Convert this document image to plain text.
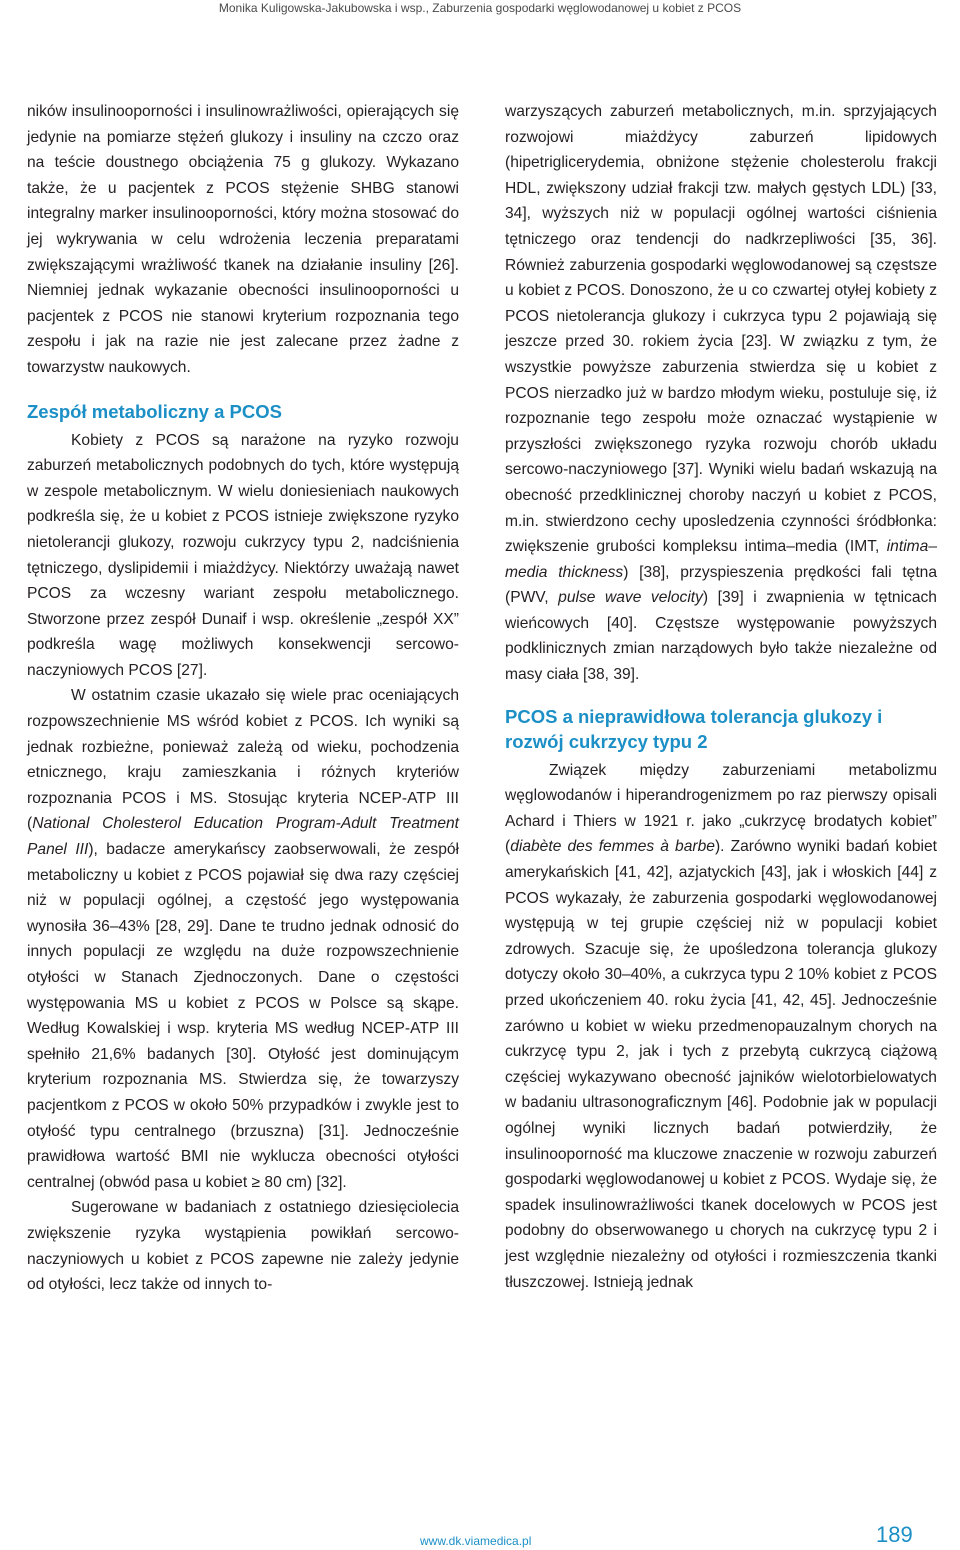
Monika Kuligowska-Jakubowska i wsp., Zaburzenia gospodarki węglowodanowej u kobiet z PCOS

ników insulinooporności i insulinowrażliwości, opierających się jedynie na pomiarze stężeń glukozy i insuliny na czczo oraz na teście doustnego obciążenia 75 g glukozy. Wykazano także, że u pacjentek z PCOS stężenie SHBG stanowi integralny marker insulinooporności, który można stosować do jej wykrywania w celu wdrożenia leczenia preparatami zwiększającymi wrażliwość tkanek na działanie insuliny [26]. Niemniej jednak wykazanie obecności insulinooporności u pacjentek z PCOS nie stanowi kryterium rozpoznania tego zespołu i jak na razie nie jest zalecane przez żadne z towarzystw naukowych.

Zespół metaboliczny a PCOS

Kobiety z PCOS są narażone na ryzyko rozwoju zaburzeń metabolicznych podobnych do tych, które występują w zespole metabolicznym. W wielu doniesieniach naukowych podkreśla się, że u kobiet z PCOS istnieje zwiększone ryzyko nietolerancji glukozy, rozwoju cukrzycy typu 2, nadciśnienia tętniczego, dyslipidemii i miażdżycy. Niektórzy uważają nawet PCOS za wczesny wariant zespołu metabolicznego. Stworzone przez zespół Dunaif i wsp. określenie „zespół XX” podkreśla wagę możliwych konsekwencji sercowo-naczyniowych PCOS [27].

W ostatnim czasie ukazało się wiele prac oceniających rozpowszechnienie MS wśród kobiet z PCOS. Ich wyniki są jednak rozbieżne, ponieważ zależą od wieku, pochodzenia etnicznego, kraju zamieszkania i różnych kryteriów rozpoznania PCOS i MS. Stosując kryteria NCEP-ATP III (National Cholesterol Education Program-Adult Treatment Panel III), badacze amerykańscy zaobserwowali, że zespół metaboliczny u kobiet z PCOS pojawiał się dwa razy częściej niż w populacji ogólnej, a częstość jego występowania wynosiła 36–43% [28, 29]. Dane te trudno jednak odnosić do innych populacji ze względu na duże rozpowszechnienie otyłości w Stanach Zjednoczonych. Dane o częstości występowania MS u kobiet z PCOS w Polsce są skąpe. Według Kowalskiej i wsp. kryteria MS według NCEP-ATP III spełniło 21,6% badanych [30]. Otyłość jest dominującym kryterium rozpoznania MS. Stwierdza się, że towarzyszy pacjentkom z PCOS w około 50% przypadków i zwykle jest to otyłość typu centralnego (brzuszna) [31]. Jednocześnie prawidłowa wartość BMI nie wyklucza obecności otyłości centralnej (obwód pasa u kobiet ≥ 80 cm) [32].

Sugerowane w badaniach z ostatniego dziesięciolecia zwiększenie ryzyka wystąpienia powikłań sercowo-naczyniowych u kobiet z PCOS zapewne nie zależy jedynie od otyłości, lecz także od innych to-

warzyszących zaburzeń metabolicznych, m.in. sprzyjających rozwojowi miażdżycy zaburzeń lipidowych (hipetriglicerydemia, obniżone stężenie cholesterolu frakcji HDL, zwiększony udział frakcji tzw. małych gęstych LDL) [33, 34], wyższych niż w populacji ogólnej wartości ciśnienia tętniczego oraz tendencji do nadkrzepliwości [35, 36]. Również zaburzenia gospodarki węglowodanowej są częstsze u kobiet z PCOS. Donoszono, że u co czwartej otyłej kobiety z PCOS nietolerancja glukozy i cukrzyca typu 2 pojawiają się jeszcze przed 30. rokiem życia [23]. W związku z tym, że wszystkie powyższe zaburzenia stwierdza się u kobiet z PCOS nierzadko już w bardzo młodym wieku, postuluje się, iż rozpoznanie tego zespołu może oznaczać wystąpienie w przyszłości zwiększonego ryzyka rozwoju chorób układu sercowo-naczyniowego [37]. Wyniki wielu badań wskazują na obecność przedklinicznej choroby naczyń u kobiet z PCOS, m.in. stwierdzono cechy uposledzenia czynności śródbłonka: zwiększenie grubości kompleksu intima–media (IMT, intima–media thickness) [38], przyspieszenia prędkości fali tętna (PWV, pulse wave velocity) [39] i zwapnienia w tętnicach wieńcowych [40]. Częstsze występowanie powyższych podklinicznych zmian narządowych było także niezależne od masy ciała [38, 39].

PCOS a nieprawidłowa tolerancja glukozy i rozwój cukrzycy typu 2

Związek między zaburzeniami metabolizmu węglowodanów i hiperandrogenizmem po raz pierwszy opisali Achard i Thiers w 1921 r. jako „cukrzycę brodatych kobiet” (diabète des femmes à barbe). Zarówno wyniki badań kobiet amerykańskich [41, 42], azjatyckich [43], jak i włoskich [44] z PCOS wykazały, że zaburzenia gospodarki węglowodanowej występują w tej grupie częściej niż w populacji kobiet zdrowych. Szacuje się, że upośledzona tolerancja glukozy dotyczy około 30–40%, a cukrzyca typu 2 10% kobiet z PCOS przed ukończeniem 40. roku życia [41, 42, 45]. Jednocześnie zarówno u kobiet w wieku przedmenopauzalnym chorych na cukrzycę typu 2, jak i tych z przebytą cukrzycą ciążową częściej wykazywano obecność jajników wielotorbielowatych w badaniu ultrasonograficznym [46]. Podobnie jak w populacji ogólnej wyniki licznych badań potwierdziły, że insulinooporność ma kluczowe znaczenie w rozwoju zaburzeń gospodarki węglowodanowej u kobiet z PCOS. Wydaje się, że spadek insulinowrażliwości tkanek docelowych w PCOS jest podobny do obserwowanego u chorych na cukrzycę typu 2 i jest względnie niezależny od otyłości i rozmieszczenia tkanki tłuszczowej. Istnieją jednak

www.dk.viamedica.pl	189
